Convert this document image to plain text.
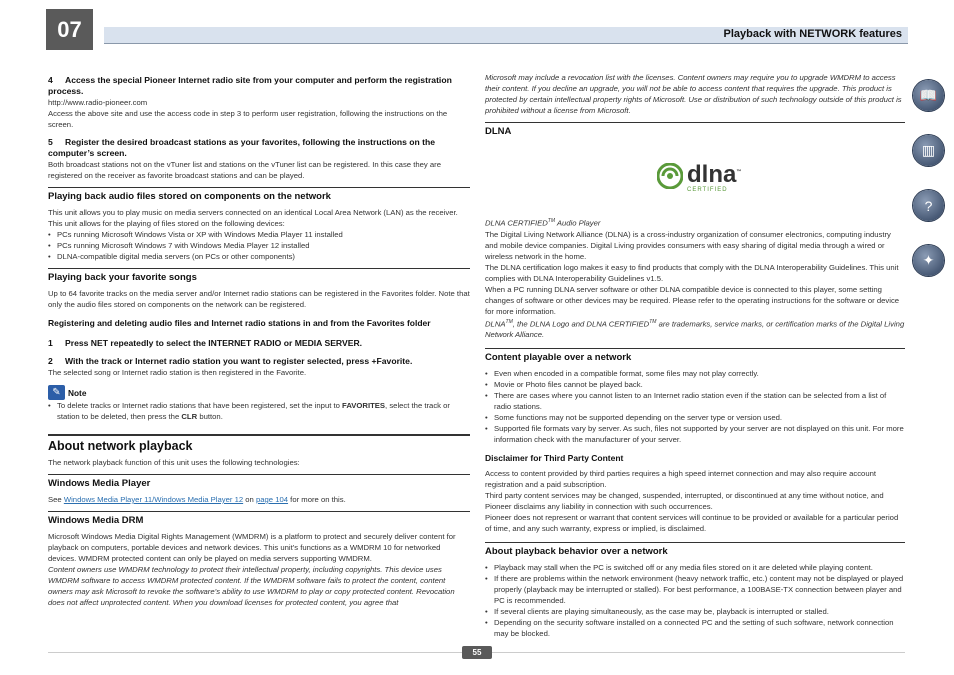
07	Playback with NETWORK features
4 Access the special Pioneer Internet radio site from your computer and perform the registration process.

http://www.radio-pioneer.com

Access the above site and use the access code in step 3 to perform user registration, following the instructions on the screen.

5 Register the desired broadcast stations as your favorites, following the instructions on the computer’s screen.

Both broadcast stations not on the vTuner list and stations on the vTuner list can be registered. In this case they are registered on the receiver as favorite broadcast stations and can be played.

Playing back audio files stored on components on the network

This unit allows you to play music on media servers connected on an identical Local Area Network (LAN) as the receiver. This unit allows for the playing of files stored on the following devices:

• PCs running Microsoft Windows Vista or XP with Windows Media Player 11 installed
• PCs running Microsoft Windows 7 with Windows Media Player 12 installed
• DLNA-compatible digital media servers (on PCs or other components)
Playing back your favorite songs

Up to 64 favorite tracks on the media server and/or Internet radio stations can be registered in the Favorites folder. Note that only the audio files stored on components on the network can be registered.

Registering and deleting audio files and Internet radio stations in and from the Favorites folder
1 Press NET repeatedly to select the INTERNET RADIO or MEDIA SERVER.
2 With the track or Internet radio station you want to register selected, press +Favorite.

The selected song or Internet radio station is then registered in the Favorite.

✎ Note
• To delete tracks or Internet radio stations that have been registered, set the input to FAVORITES, select the track or station to be deleted, then press the CLR button.
About network playback

The network playback function of this unit uses the following technologies:

Windows Media Player

See Windows Media Player 11/Windows Media Player 12 on page 104 for more on this.

Windows Media DRM

Microsoft Windows Media Digital Rights Management (WMDRM) is a platform to protect and securely deliver content for playback on computers, portable devices and network devices. This unit’s functions as a WMDRM 10 for networked devices. WMDRM protected content can only be played on media servers supporting WMDRM.

Content owners use WMDRM technology to protect their intellectual property, including copyrights. This device uses WMDRM software to access WMDRM protected content. If the WMDRM software fails to protect the content, content owners may ask Microsoft to revoke the software’s ability to use WMDRM to play or copy protected content. Revocation does not affect unprotected content. When you download licenses for protected content, you agree that

Microsoft may include a revocation list with the licenses. Content owners may require you to upgrade WMDRM to access their content. If you decline an upgrade, you will not be able to access content that requires the upgrade. This product is protected by certain intellectual property rights of Microsoft. Use or distribution of such technology outside of this product is prohibited without a license from Microsoft.

DLNA
dlna™
CERTIFIED

DLNA CERTIFIED™ Audio Player

The Digital Living Network Alliance (DLNA) is a cross-industry organization of consumer electronics, computing industry and mobile device companies. Digital Living provides consumers with easy sharing of digital media through a wired or wireless network in the home.

The DLNA certification logo makes it easy to find products that comply with the DLNA Interoperability Guidelines. This unit complies with DLNA Interoperability Guidelines v1.5.

When a PC running DLNA server software or other DLNA compatible device is connected to this player, some setting changes of software or other devices may be required. Please refer to the operating instructions for the software or device for more information.

DLNA™, the DLNA Logo and DLNA CERTIFIED™ are trademarks, service marks, or certification marks of the Digital Living Network Alliance.

Content playable over a network
• Even when encoded in a compatible format, some files may not play correctly.
• Movie or Photo files cannot be played back.
• There are cases where you cannot listen to an Internet radio station even if the station can be selected from a list of radio stations.
• Some functions may not be supported depending on the server type or version used.
• Supported file formats vary by server. As such, files not supported by your server are not displayed on this unit. For more information check with the manufacturer of your server.
Disclaimer for Third Party Content

Access to content provided by third parties requires a high speed internet connection and may also require account registration and a paid subscription.

Third party content services may be changed, suspended, interrupted, or discontinued at any time without notice, and Pioneer disclaims any liability in connection with such occurrences.

Pioneer does not represent or warrant that content services will continue to be provided or available for a particular period of time, and any such warranty, express or implied, is disclaimed.

About playback behavior over a network
• Playback may stall when the PC is switched off or any media files stored on it are deleted while playing content.
• If there are problems within the network environment (heavy network traffic, etc.) content may not be displayed or played properly (playback may be interrupted or stalled). For best performance, a 100BASE-TX connection between player and PC is recommended.
• If several clients are playing simultaneously, as the case may be, playback is interrupted or stalled.
• Depending on the security software installed on a connected PC and the setting of such software, network connection may be blocked.
📖
▥
?
✦
55
